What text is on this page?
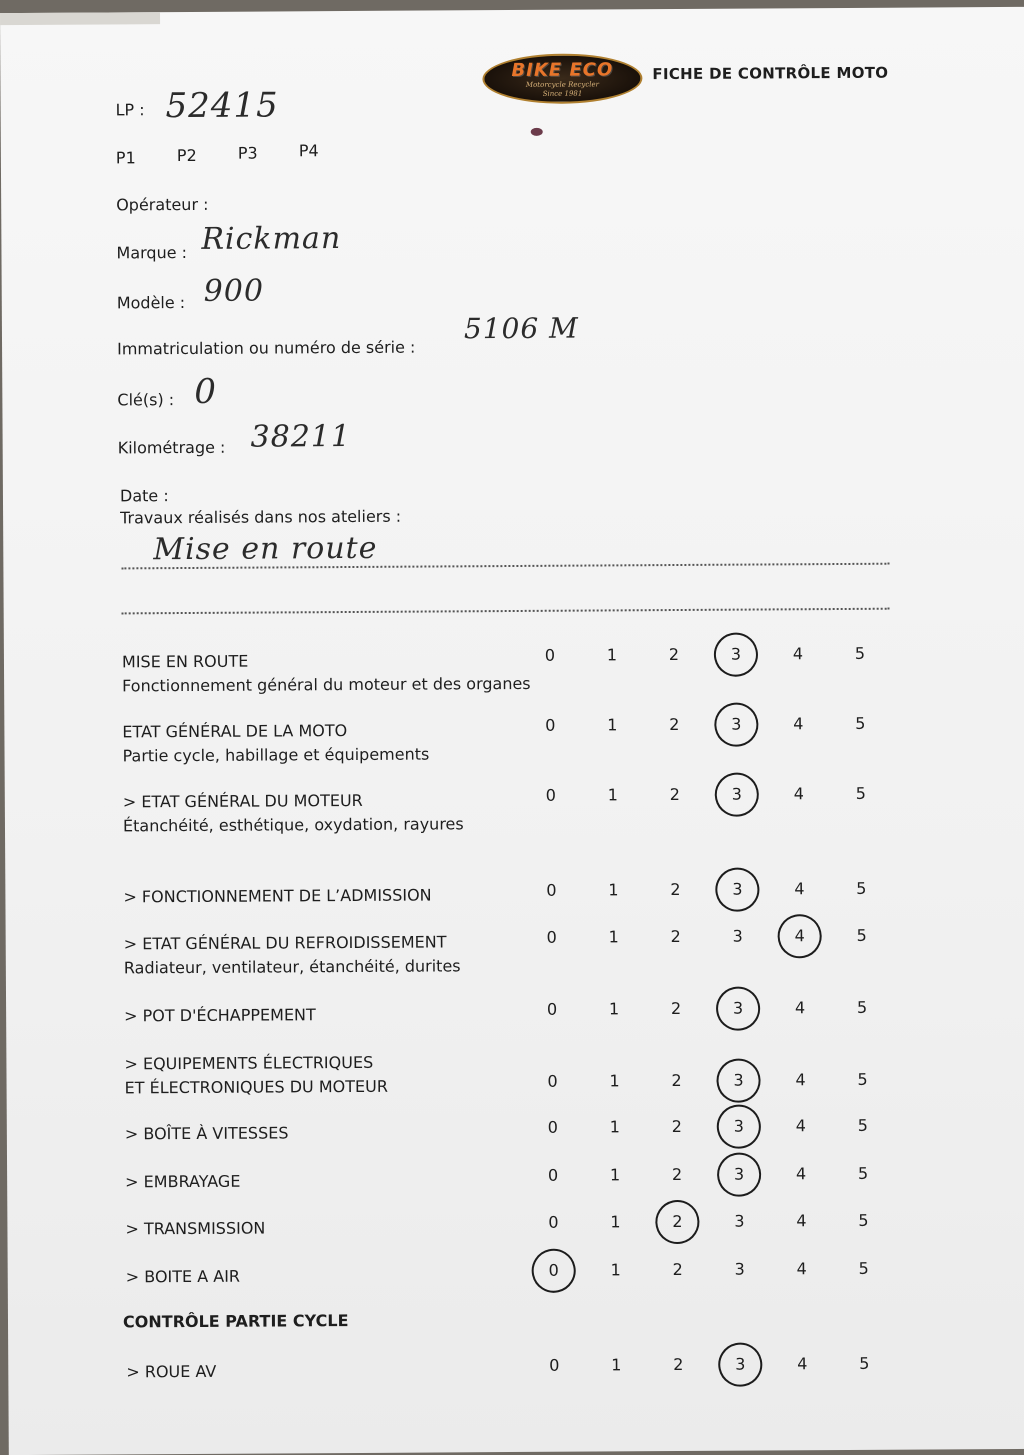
BIKE ECO
Motorcycle Recycler
Since 1981
FICHE DE CONTRÔLE MOTO
LP : 52415
P1	P2	P3	P4
Opérateur :
Marque : Rickman
Modèle : 900
Immatriculation ou numéro de série :
5106 M
Clé(s) : 0
Kilométrage : 38211
Date :
Travaux réalisés dans nos ateliers :
Mise en route
MISE EN ROUTE
Fonctionnement général du moteur et des organes
0	1	2	3	4	5
ETAT GÉNÉRAL DE LA MOTO
Partie cycle, habillage et équipements
0	1	2	3	4	5
> ETAT GÉNÉRAL DU MOTEUR
Étanchéité, esthétique, oxydation, rayures
0	1	2	3	4	5
> FONCTIONNEMENT DE L’ADMISSION	0	1	2	3	4	5
> ETAT GÉNÉRAL DU REFROIDISSEMENT
Radiateur, ventilateur, étanchéité, durites
0	1	2	3	4	5
> POT D'ÉCHAPPEMENT	0	1	2	3	4	5
> EQUIPEMENTS ÉLECTRIQUES
ET ÉLECTRONIQUES DU MOTEUR	0	1	2	3	4	5
> BOÎTE À VITESSES	0	1	2	3	4	5
> EMBRAYAGE	0	1	2	3	4	5
> TRANSMISSION	0	1	2	3	4	5
> BOITE A AIR	0	1	2	3	4	5
CONTRÔLE PARTIE CYCLE
> ROUE AV	0	1	2	3	4	5
